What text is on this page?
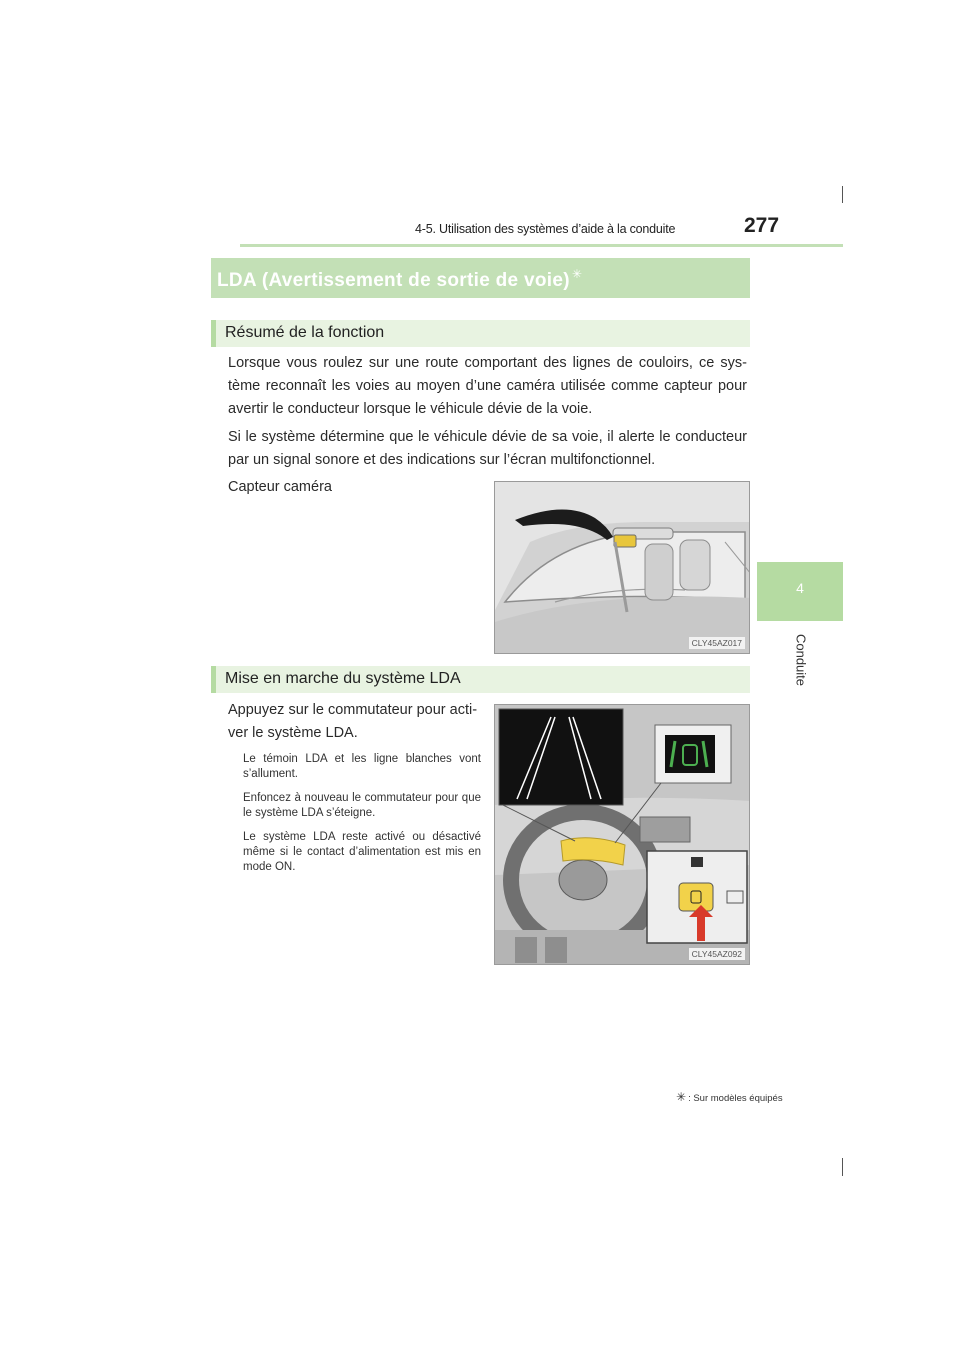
4-5. Utilisation des systèmes d’aide à la conduite	277
4
Conduite
LDA (Avertissement de sortie de voie) ✳
Résumé de la fonction
Lorsque vous roulez sur une route comportant des lignes de couloirs, ce sys-tème reconnaît les voies au moyen d’une caméra utilisée comme capteur pour avertir le conducteur lorsque le véhicule dévie de la voie.
Si le système détermine que le véhicule dévie de sa voie, il alerte le conducteur par un signal sonore et des indications sur l’écran multifonctionnel.
Capteur caméra
CLY45AZ017
Mise en marche du système LDA
Appuyez sur le commutateur pour acti-ver le système LDA.
Le témoin LDA et les ligne blanches vont s’allument.
Enfoncez à nouveau le commutateur pour que le système LDA s’éteigne.
Le système LDA reste activé ou désactivé même si le contact d’alimentation est mis en mode ON.
CLY45AZ092
✳ : Sur modèles équipés
